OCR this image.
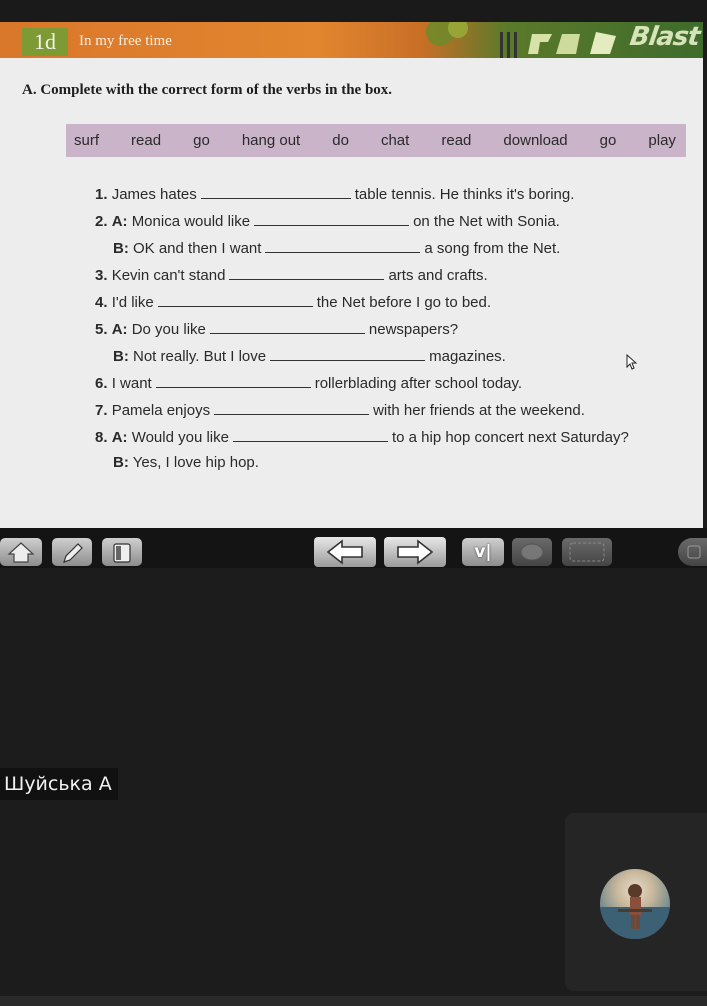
1d	In my free time	Blast
A. Complete with the correct form of the verbs in the box.
surf read go hang out do chat read download go play
1. James hates	table tennis. He thinks it's boring.
2. A: Monica would like	on the Net with Sonia.
B: OK and then I want	a song from the Net.
3. Kevin can't stand	arts and crafts.
4. I'd like	the Net before I go to bed.
5. A: Do you like	newspapers?
B: Not really. But I love	magazines.
6. I want	rollerblading after school today.
7. Pamela enjoys	with her friends at the weekend.
8. A: Would you like	to a hip hop concert next Saturday?
B: Yes, I love hip hop.
v|
Шуйська А
